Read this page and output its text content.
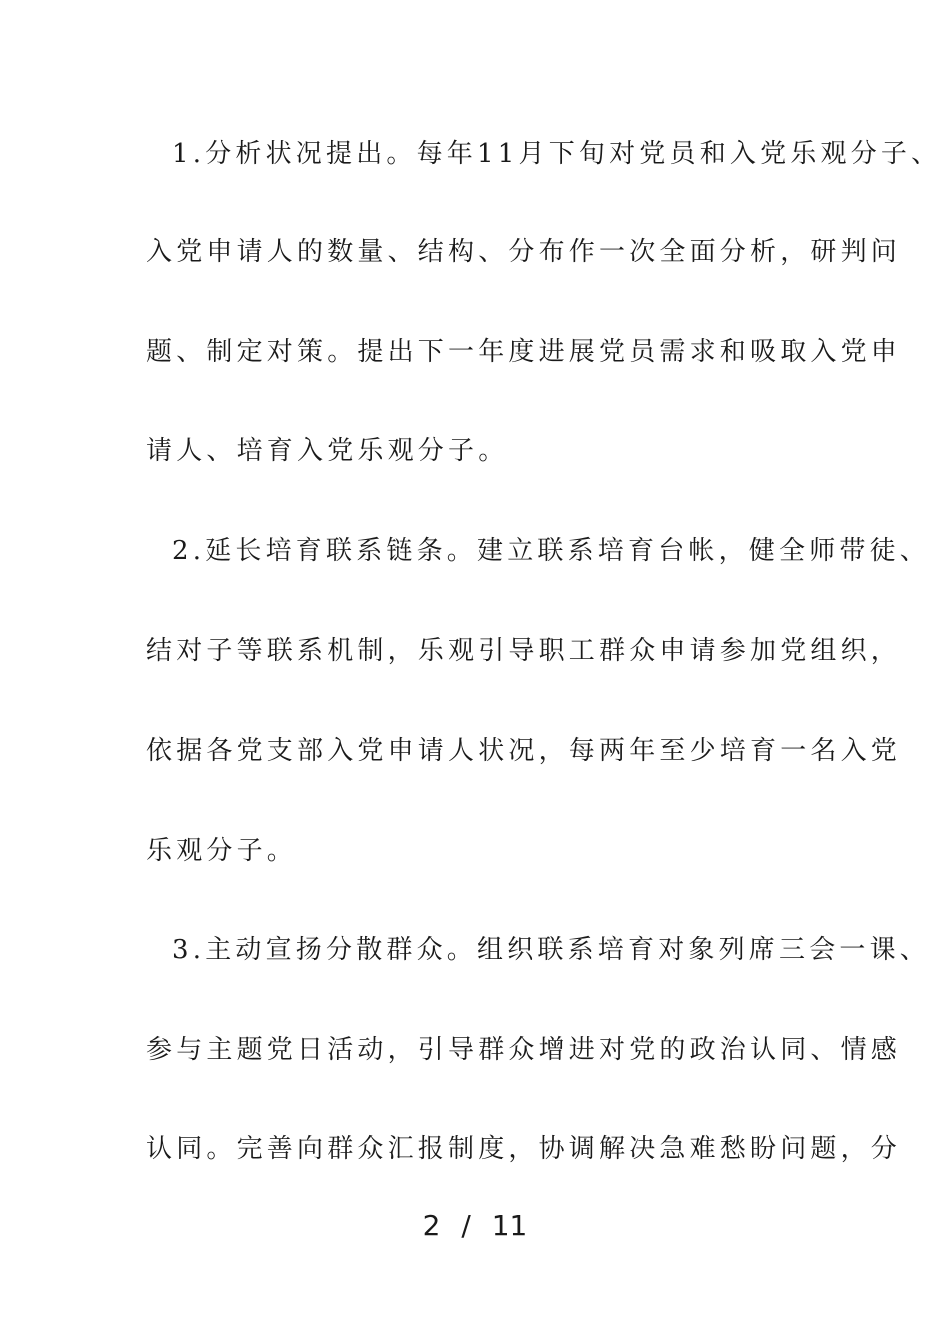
1.分析状况提出。每年11月下旬对党员和入党乐观分子、
入党申请人的数量、结构、分布作一次全面分析，研判问
题、制定对策。提出下一年度进展党员需求和吸取入党申
请人、培育入党乐观分子。
2.延长培育联系链条。建立联系培育台帐，健全师带徒、
结对子等联系机制，乐观引导职工群众申请参加党组织，
依据各党支部入党申请人状况，每两年至少培育一名入党
乐观分子。
3.主动宣扬分散群众。组织联系培育对象列席三会一课、
参与主题党日活动，引导群众增进对党的政治认同、情感
认同。完善向群众汇报制度，协调解决急难愁盼问题，分
2 / 11
